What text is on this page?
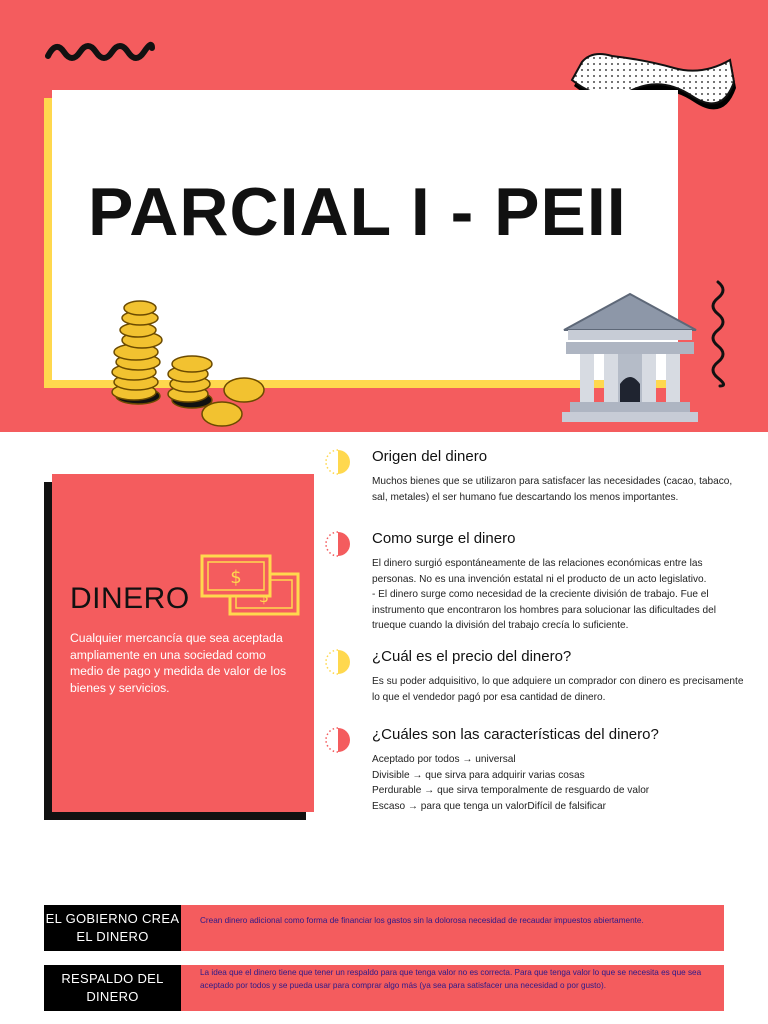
PARCIAL I - PEII
$
DINERO
Cualquier mercancía que sea aceptada ampliamente en una sociedad como medio de pago y medida de valor de los bienes y servicios.
Origen del dinero

Muchos bienes que se utilizaron para satisfacer las necesidades (cacao, tabaco, sal, metales) el ser humano fue descartando los menos importantes.

Como surge el dinero

El dinero surgió espontáneamente de las relaciones económicas entre las personas. No es una invención estatal ni el producto de un acto legislativo.

- El dinero surge como necesidad de la creciente división de trabajo. Fue el instrumento que encontraron los hombres para solucionar las dificultades del trueque cuando la división del trabajo crecía lo suficiente.

¿Cuál es el precio del dinero?

Es su poder adquisitivo, lo que adquiere un comprador con dinero es precisamente lo que el vendedor pagó por esa cantidad de dinero.

¿Cuáles son las características del dinero?

Aceptado por todos → universal

Divisible → que sirva para adquirir varias cosas

Perdurable → que sirva temporalmente de resguardo de valor

Escaso → para que tenga un valorDifícil de falsificar

EL GOBIERNO CREA EL DINERO
Crean dinero adicional como forma de financiar los gastos sin la dolorosa necesidad de recaudar impuestos abiertamente.
RESPALDO DEL DINERO
La idea que el dinero tiene que tener un respaldo para que tenga valor no es correcta. Para que tenga valor lo que se necesita es que sea aceptado por todos y se pueda usar para comprar algo más (ya sea para satisfacer una necesidad o por gusto).
